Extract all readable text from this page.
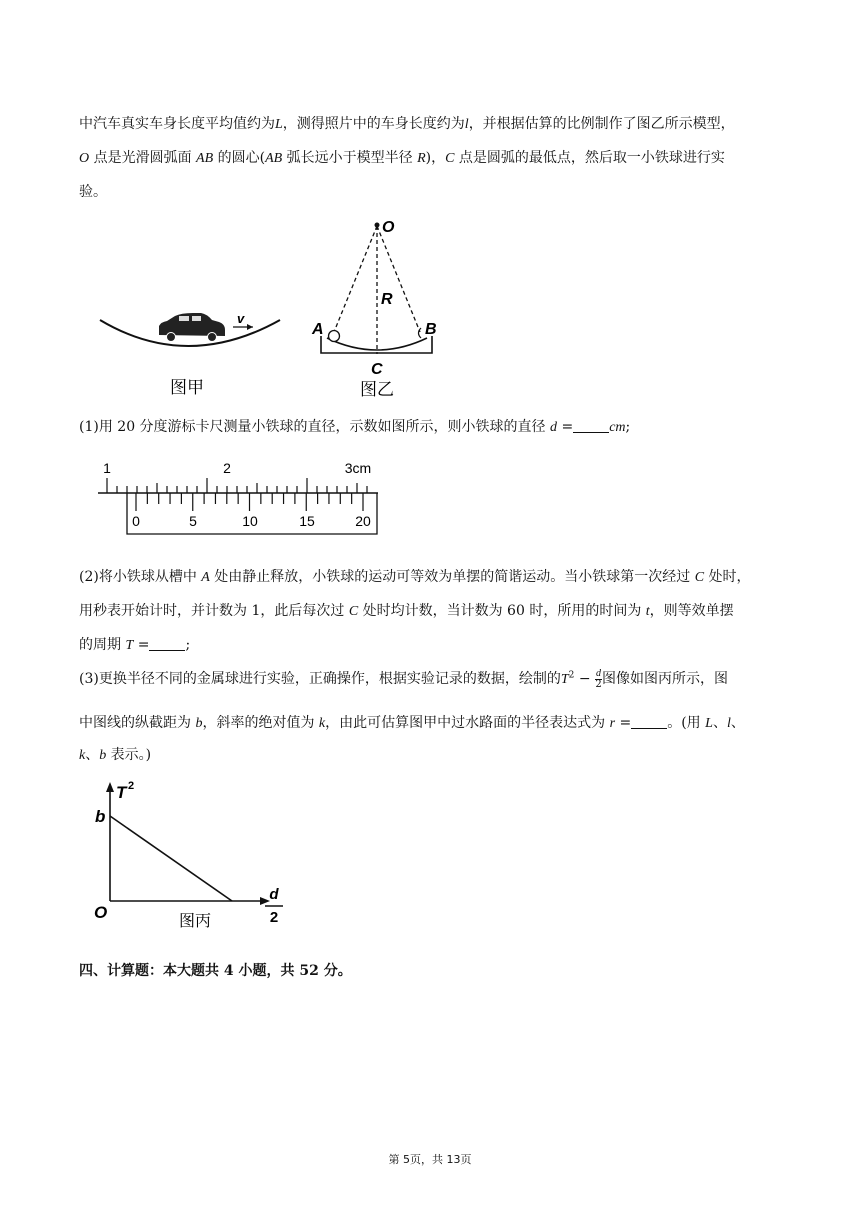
中汽车真实车身长度平均值约为L，测得照片中的车身长度约为l，并根据估算的比例制作了图乙所示模型，
O 点是光滑圆弧面 AB 的圆心(AB 弧长远小于模型半径 R)，C 点是圆弧的最低点，然后取一小铁球进行实
验。
v
图甲
O
R
A	B
C
图乙
(1)用 20 分度游标卡尺测量小铁球的直径，示数如图所示，则小铁球的直径 d =	cm;
1	2	3cm
0	5	10	15	20
(2)将小铁球从槽中 A 处由静止释放，小铁球的运动可等效为单摆的简谐运动。当小铁球第一次经过 C 处时，
用秒表开始计时，并计数为 1，此后每次过 C 处时均计数，当计数为 60 时，所用的时间为 t，则等效单摆
的周期 T =	;
(3)更换半径不同的金属球进行实验，正确操作，根据实验记录的数据，绘制的$T^2 - \frac{d}{2}$ 图像如图丙所示，图
中图线的纵截距为 b，斜率的绝对值为 k，由此可估算图甲中过水路面的半径表达式为 r =	。(用 L、l、
k、b 表示。)
T 2
b
O
d
2
图丙
四、计算题：本大题共 4 小题，共 52 分。
第 5页，共 13页
